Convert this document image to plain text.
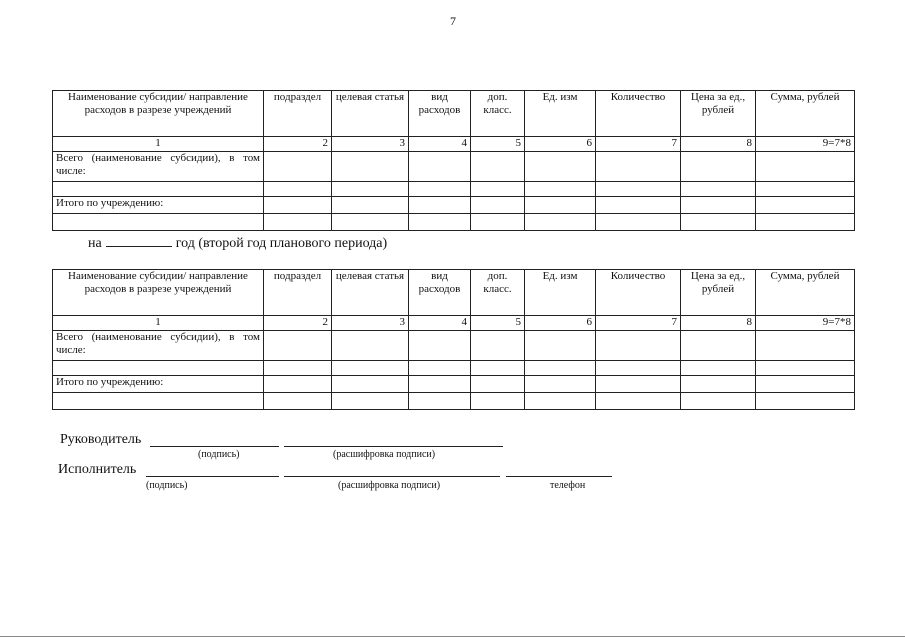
7
Наименование субсидии/ направление расходов в разрезе учреждений	подраздел	целевая статья	вид расходов	доп. класс.	Ед. изм	Количество	Цена за ед., рублей	Сумма, рублей
1	2	3	4	5	6	7	8	9=7*8
Всего (наименование субсидии), в том числе:								

Итого по учреждению:								

на	год (второй год планового периода)
Наименование субсидии/ направление расходов в разрезе учреждений	подраздел	целевая статья	вид расходов	доп. класс.	Ед. изм	Количество	Цена за ед., рублей	Сумма, рублей
1	2	3	4	5	6	7	8	9=7*8
Всего (наименование субсидии), в том числе:								

Итого по учреждению:								

Руководитель
(подпись)	(расшифровка подписи)
Исполнитель
(подпись)	(расшифровка подписи)	телефон
